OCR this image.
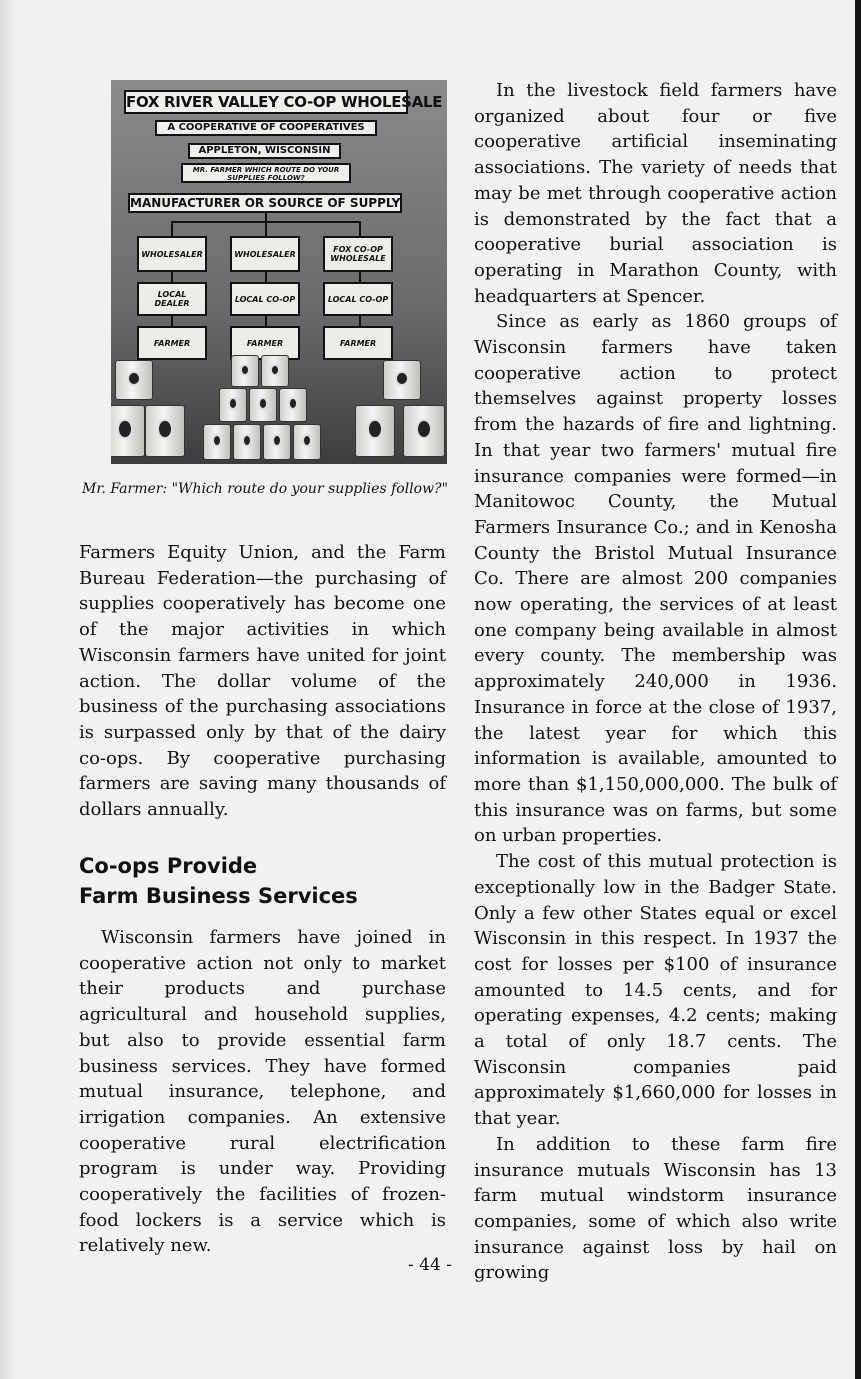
FOX RIVER VALLEY CO-OP WHOLESALE
A COOPERATIVE OF COOPERATIVES
APPLETON, WISCONSIN
MR. FARMER WHICH ROUTE DO YOUR SUPPLIES FOLLOW?
MANUFACTURER OR SOURCE OF SUPPLY
WHOLESALER
LOCAL DEALER
FARMER
WHOLESALER
LOCAL CO-OP
FARMER
FOX CO-OP WHOLESALE
LOCAL CO-OP
FARMER
Mr. Farmer: "Which route do your supplies follow?"

Farmers Equity Union, and the Farm Bureau Federation—the purchasing of supplies cooperatively has become one of the major activities in which Wisconsin farmers have united for joint action. The dollar volume of the business of the purchasing associations is surpassed only by that of the dairy co-ops. By cooperative purchasing farmers are saving many thousands of dollars annually.

Co-ops Provide
Farm Business Services

Wisconsin farmers have joined in cooperative action not only to market their products and purchase agricultural and household supplies, but also to provide essential farm business services. They have formed mutual insurance, telephone, and irrigation companies. An extensive cooperative rural electrification program is under way. Providing cooperatively the facilities of frozen-food lockers is a service which is relatively new.

In the livestock field farmers have organized about four or five cooperative artificial inseminating associations. The variety of needs that may be met through cooperative action is demonstrated by the fact that a cooperative burial association is operating in Marathon County, with headquarters at Spencer.

Since as early as 1860 groups of Wisconsin farmers have taken cooperative action to protect themselves against property losses from the hazards of fire and lightning. In that year two farmers' mutual fire insurance companies were formed—in Manitowoc County, the Mutual Farmers Insurance Co.; and in Kenosha County the Bristol Mutual Insurance Co. There are almost 200 companies now operating, the services of at least one company being available in almost every county. The membership was approximately 240,000 in 1936. Insurance in force at the close of 1937, the latest year for which this information is available, amounted to more than $1,150,000,000. The bulk of this insurance was on farms, but some on urban properties.

The cost of this mutual protection is exceptionally low in the Badger State. Only a few other States equal or excel Wisconsin in this respect. In 1937 the cost for losses per $100 of insurance amounted to 14.5 cents, and for operating expenses, 4.2 cents; making a total of only 18.7 cents. The Wisconsin companies paid approximately $1,660,000 for losses in that year.

In addition to these farm fire insurance mutuals Wisconsin has 13 farm mutual windstorm insurance companies, some of which also write insurance against loss by hail on growing

- 44 -
